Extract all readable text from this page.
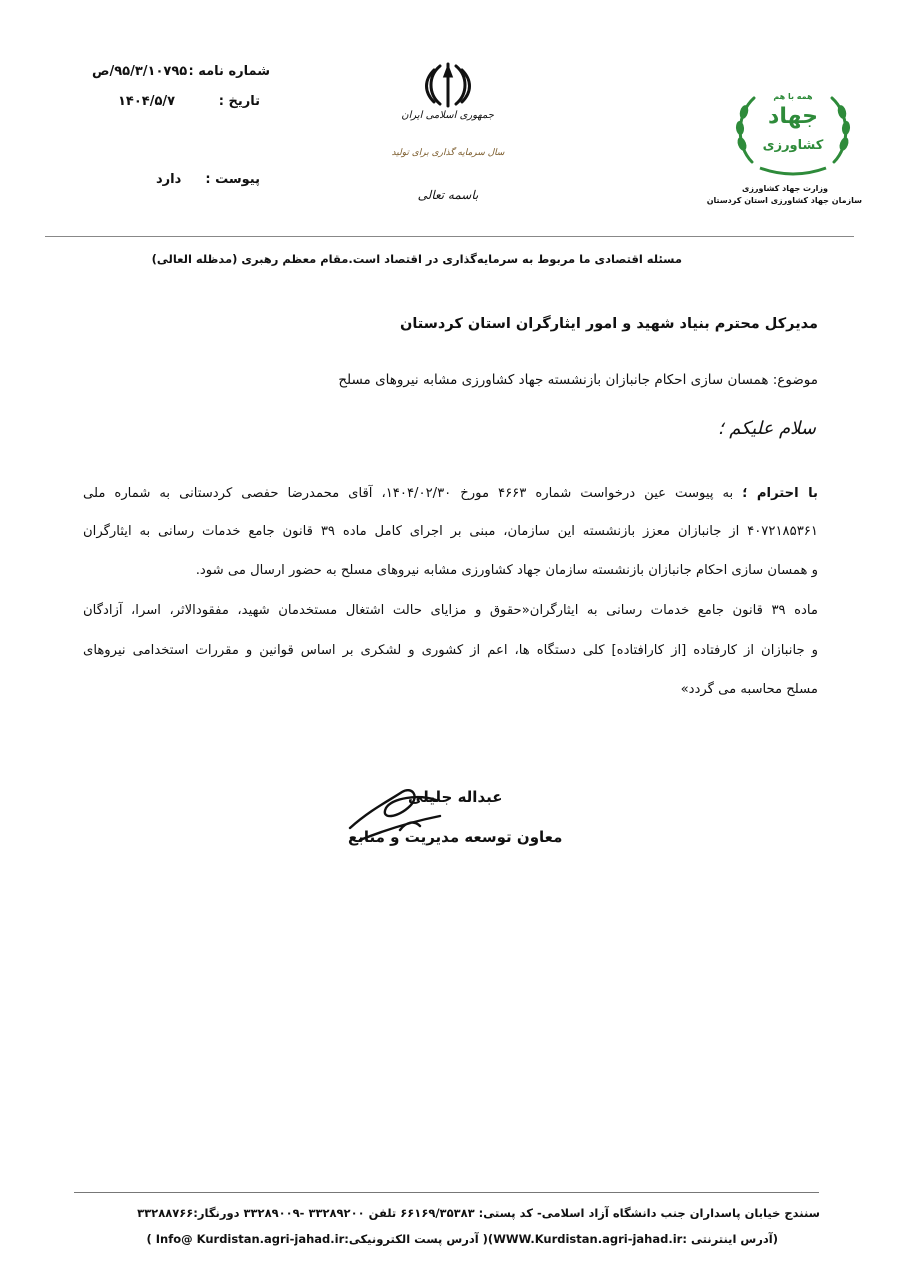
شماره نامه :
۹۵/۳/۱۰۷۹۵/ص
تاریخ :
۱۴۰۴/۵/۷
پیوست :
دارد
جمهوری اسلامی ایران
سال سرمایه گذاری برای تولید
باسمه تعالی
همه با هم
جهاد
کشاورزی
وزارت جهاد کشاورزی
سازمان جهاد کشاورزی استان کردستان
مسئله اقتصادی ما مربوط به سرمایه‌گذاری در اقتصاد است.مقام معظم رهبری (مدظله العالی)
مدیرکل محترم بنیاد شهید و امور ایثارگران استان کردستان
موضوع: همسان سازی احکام جانبازان بازنشسته جهاد کشاورزی مشابه نیروهای مسلح
سلام علیکم ؛
با احترام ؛ به پیوست عین درخواست شماره ۴۶۶۳ مورخ ۱۴۰۴/۰۲/۳۰، آقای محمدرضا حفصی کردستانی به شماره ملی
۴۰۷۲۱۸۵۳۶۱ از جانبازان معزز بازنشسته این سازمان، مبنی بر اجرای کامل ماده ۳۹ قانون جامع خدمات رسانی به ایثارگران
و همسان سازی احکام جانبازان بازنشسته سازمان جهاد کشاورزی مشابه نیروهای مسلح به حضور ارسال می شود.
ماده ۳۹ قانون جامع خدمات رسانی به ایثارگران«حقوق و مزایای حالت اشتغال مستخدمان شهید، مفقودالاثر، اسرا، آزادگان
و جانبازان از کارفتاده [از کارافتاده] کلی دستگاه ها، اعم از کشوری و لشکری بر اساس قوانین و مقررات استخدامی نیروهای
مسلح محاسبه می گردد»
عبداله جلیلی
معاون توسعه مدیریت و منابع
سنندج خیابان پاسداران جنب دانشگاه آزاد اسلامی- کد پستی: ۶۶۱۶۹/۳۵۳۸۳ تلفن ۳۳۲۸۹۲۰۰ -۳۳۲۸۹۰۰۹ دورنگار:۳۳۲۸۸۷۶۶
(آدرس اینترنتی :WWW.Kurdistan.agri-jahad.ir)( آدرس پست الکترونیکی:Info@ Kurdistan.agri-jahad.ir )
